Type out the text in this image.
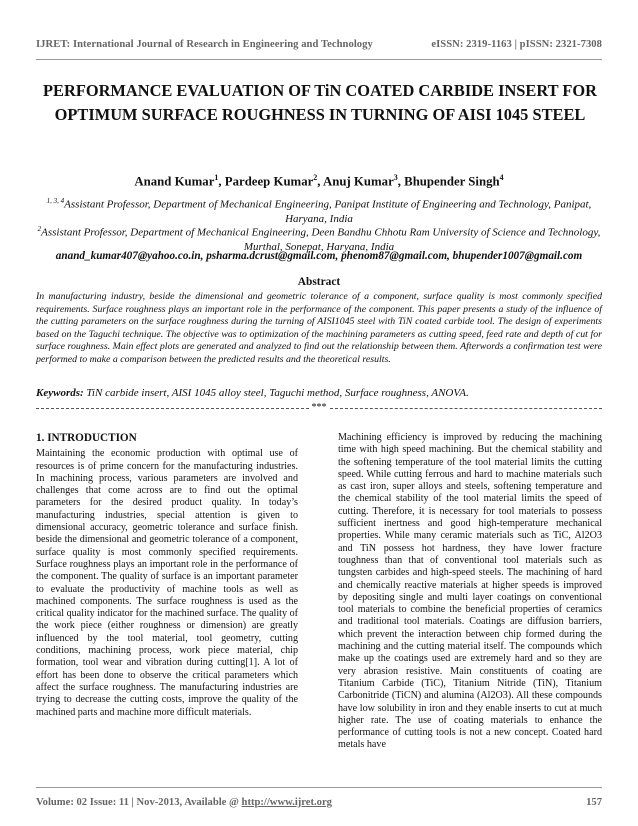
IJRET: International Journal of Research in Engineering and Technology	eISSN: 2319-1163 | pISSN: 2321-7308
PERFORMANCE EVALUATION OF TiN COATED CARBIDE INSERT FOR OPTIMUM SURFACE ROUGHNESS IN TURNING OF AISI 1045 STEEL
Anand Kumar$^1$, Pardeep Kumar$^2$, Anuj Kumar$^3$, Bhupender Singh$^4$

$^{1, 3, 4}$Assistant Professor, Department of Mechanical Engineering, Panipat Institute of Engineering and Technology, Panipat, Haryana, India

$^2$Assistant Professor, Department of Mechanical Engineering, Deen Bandhu Chhotu Ram University of Science and Technology, Murthal, Sonepat, Haryana, India

anand_kumar407@yahoo.co.in, psharma.dcrust@gmail.com, phenom87@gmail.com, bhupender1007@gmail.com
Abstract

In manufacturing industry, beside the dimensional and geometric tolerance of a component, surface quality is most commonly specified requirements. Surface roughness plays an important role in the performance of the component. This paper presents a study of the influence of the cutting parameters on the surface roughness during the turning of AISI1045 steel with TiN coated carbide tool. The design of experiments based on the Taguchi technique. The objective was to optimization of the machining parameters as cutting speed, feed rate and depth of cut for surface roughness. Main effect plots are generated and analyzed to find out the relationship between them. Afterwords a confirmation test were performed to make a comparison between the predicted results and the theoretical results.

Keywords: TiN carbide insert, AISI 1045 alloy steel, Taguchi method, Surface roughness, ANOVA.

***
1. INTRODUCTION

Maintaining the economic production with optimal use of resources is of prime concern for the manufacturing industries. In machining process, various parameters are involved and challenges that come across are to find out the optimal parameters for the desired product quality. In today’s manufacturing industries, special attention is given to dimensional accuracy, geometric tolerance and surface finish. beside the dimensional and geometric tolerance of a component, surface quality is most commonly specified requirements. Surface roughness plays an important role in the performance of the component. The quality of surface is an important parameter to evaluate the productivity of machine tools as well as machined components. The surface roughness is used as the critical quality indicator for the machined surface. The quality of the work piece (either roughness or dimension) are greatly influenced by the tool material, tool geometry, cutting conditions, machining process, work piece material, chip formation, tool wear and vibration during cutting[1]. A lot of effort has been done to observe the critical parameters which affect the surface roughness. The manufacturing industries are trying to decrease the cutting costs, improve the quality of the machined parts and machine more difficult materials.

Machining efficiency is improved by reducing the machining time with high speed machining. But the chemical stability and the softening temperature of the tool material limits the cutting speed. While cutting ferrous and hard to machine materials such as cast iron, super alloys and steels, softening temperature and the chemical stability of the tool material limits the speed of cutting. Therefore, it is necessary for tool materials to possess sufficient inertness and good high-temperature mechanical properties. While many ceramic materials such as TiC, Al2O3 and TiN possess hot hardness, they have lower fracture toughness than that of conventional tool materials such as tungsten carbides and high-speed steels. The machining of hard and chemically reactive materials at higher speeds is improved by depositing single and multi layer coatings on conventional tool materials to combine the beneficial properties of ceramics and traditional tool materials. Coatings are diffusion barriers, which prevent the interaction between chip formed during the machining and the cutting material itself. The compounds which make up the coatings used are extremely hard and so they are very abrasion resistive. Main constituents of coating are Titanium Carbide (TiC), Titanium Nitride (TiN), Titanium Carbonitride (TiCN) and alumina (Al2O3). All these compounds have low solubility in iron and they enable inserts to cut at much higher rate. The use of coating materials to enhance the performance of cutting tools is not a new concept. Coated hard metals have

Volume: 02 Issue: 11 | Nov-2013, Available @ http://www.ijret.org	157
